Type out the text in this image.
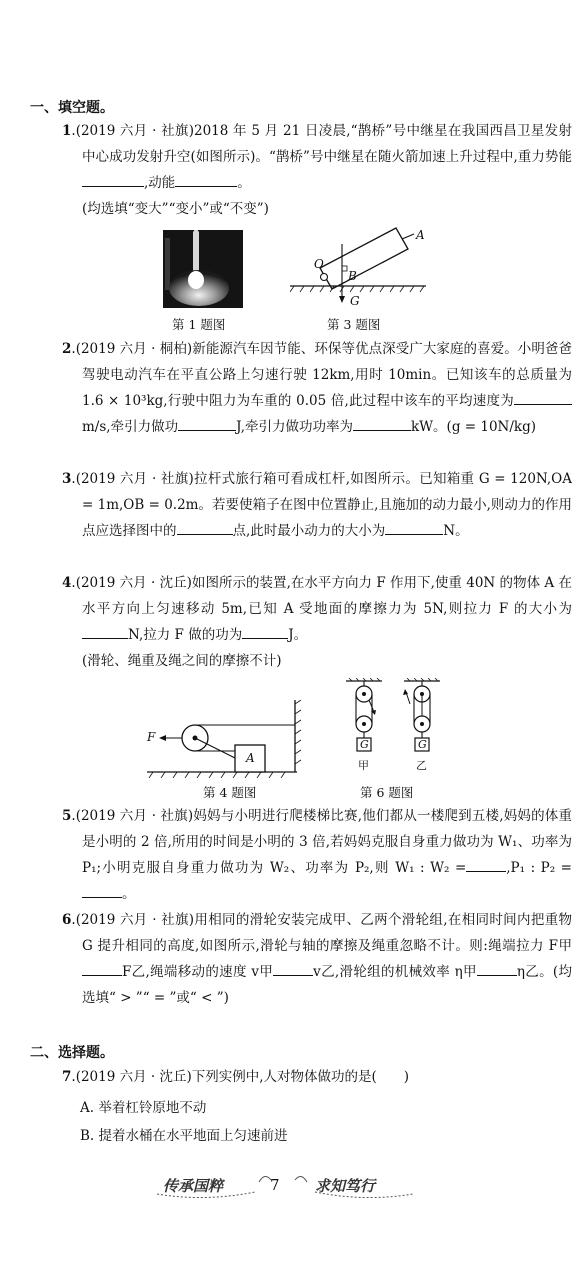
一、填空题。
1.(2019 六月 · 社旗)2018 年 5 月 21 日凌晨,“鹊桥”号中继星在我国西昌卫星发射中心成功发射升空(如图所示)。“鹊桥”号中继星在随火箭加速上升过程中,重力势能,动能	。
(均选填“变大”“变小”或“不变”)
第 1 题图
A
O
B
G
第 3 题图
2.(2019 六月 · 桐柏)新能源汽车因节能、环保等优点深受广大家庭的喜爱。小明爸爸驾驶电动汽车在平直公路上匀速行驶 12km,用时 10min。已知该车的总质量为 1.6 × 10³kg,行驶中阻力为车重的 0.05 倍,此过程中该车的平均速度为m/s,牵引力做功	J,牵引力做功功率为	kW。(g = 10N/kg)
3.(2019 六月 · 社旗)拉杆式旅行箱可看成杠杆,如图所示。已知箱重 G = 120N,OA = 1m,OB = 0.2m。若要使箱子在图中位置静止,且施加的动力最小,则动力的作用点应选择图中的	点,此时最小动力的大小为	N。
4.(2019 六月 · 沈丘)如图所示的装置,在水平方向力 F 作用下,使重 40N 的物体 A 在水平方向上匀速移动 5m,已知 A 受地面的摩擦力为 5N,则拉力 F 的大小为N,拉力 F 做的功为	J。
(滑轮、绳重及绳之间的摩擦不计)
F
A
第 4 题图
G	G
甲	乙
第 6 题图
5.(2019 六月 · 社旗)妈妈与小明进行爬楼梯比赛,他们都从一楼爬到五楼,妈妈的体重是小明的 2 倍,所用的时间是小明的 3 倍,若妈妈克服自身重力做功为 W₁、功率为 P₁;小明克服自身重力做功为 W₂、功率为 P₂,则 W₁ : W₂ =	,P₁ : P₂ =。
6.(2019 六月 · 社旗)用相同的滑轮安装完成甲、乙两个滑轮组,在相同时间内把重物 G 提升相同的高度,如图所示,滑轮与轴的摩擦及绳重忽略不计。则:绳端拉力 F甲F乙,绳端移动的速度 v甲	v乙,滑轮组的机械效率 η甲	η乙。(均选填“ > ”“ = ”或“ < ”)
二、选择题。
7.(2019 六月 · 沈丘)下列实例中,人对物体做功的是(　　)
A. 举着杠铃原地不动
B. 提着水桶在水平地面上匀速前进
传承国粹	7 求知笃行
